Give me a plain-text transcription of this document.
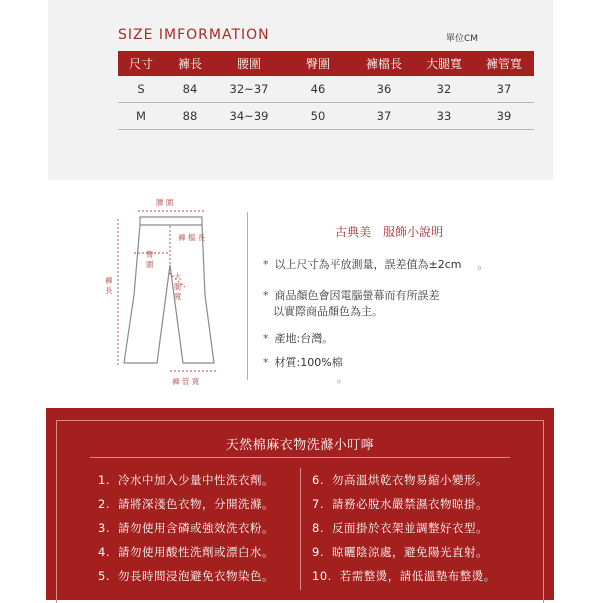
SIZE IMFORMATION	單位CM
尺寸	褲長	腰圍	臀圍	褲檔長	大腿寬	褲管寬
S	84	32~37	46	36	32	37
M	88	34~39	50	37	33	39
腰 圍
褲 檔 長
臀
圍
大
腿
寬
褲
長
褲 管 寬
古典美　服飾小說明
* 以上尺寸為平放測量，誤差值為±2cm 。
* 商品顏色會因電腦螢幕而有所誤差
以實際商品顏色為主。
* 產地:台灣。
* 材質:100%棉
。
天然棉麻衣物洗滌小叮嚀
1. 冷水中加入少量中性洗衣劑。
2. 請將深淺色衣物，分開洗滌。
3. 請勿使用含磷或強效洗衣粉。
4. 請勿使用酸性洗劑或漂白水。
5. 勿長時間浸泡避免衣物染色。
6. 勿高溫烘乾衣物易縮小變形。
7. 請務必脫水嚴禁濕衣物晾掛。
8. 反面掛於衣架並調整好衣型。
9. 晾曬陰涼處，避免陽光直射。
10. 若需整燙，請低溫墊布整燙。
